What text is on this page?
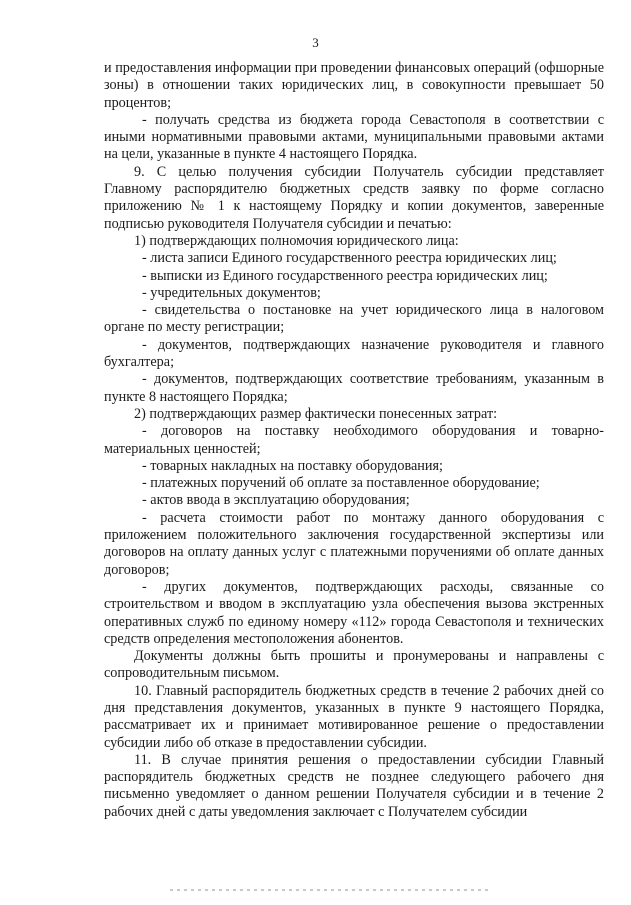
3

и предоставления информации при проведении финансовых операций (офшорные зоны) в отношении таких юридических лиц, в совокупности превышает 50 процентов;

- получать средства из бюджета города Севастополя в соответствии с иными нормативными правовыми актами, муниципальными правовыми актами на цели, указанные в пункте 4 настоящего Порядка.

9. С целью получения субсидии Получатель субсидии представляет Главному распорядителю бюджетных средств заявку по форме согласно приложению № 1 к настоящему Порядку и копии документов, заверенные подписью руководителя Получателя субсидии и печатью:

1) подтверждающих полномочия юридического лица:

- листа записи Единого государственного реестра юридических лиц;

- выписки из Единого государственного реестра юридических лиц;

- учредительных документов;

- свидетельства о постановке на учет юридического лица в налоговом органе по месту регистрации;

- документов, подтверждающих назначение руководителя и главного бухгалтера;

- документов, подтверждающих соответствие требованиям, указанным в пункте 8 настоящего Порядка;

2) подтверждающих размер фактически понесенных затрат:

- договоров на поставку необходимого оборудования и товарно-материальных ценностей;

- товарных накладных на поставку оборудования;

- платежных поручений об оплате за поставленное оборудование;

- актов ввода в эксплуатацию оборудования;

- расчета стоимости работ по монтажу данного оборудования с приложением положительного заключения государственной экспертизы или договоров на оплату данных услуг с платежными поручениями об оплате данных договоров;

- других документов, подтверждающих расходы, связанные со строительством и вводом в эксплуатацию узла обеспечения вызова экстренных оперативных служб по единому номеру «112» города Севастополя и технических средств определения местоположения абонентов.

Документы должны быть прошиты и пронумерованы и направлены с сопроводительным письмом.

10. Главный распорядитель бюджетных средств в течение 2 рабочих дней со дня представления документов, указанных в пункте 9 настоящего Порядка, рассматривает их и принимает мотивированное решение о предоставлении субсидии либо об отказе в предоставлении субсидии.

11. В случае принятия решения о предоставлении субсидии Главный распорядитель бюджетных средств не позднее следующего рабочего дня письменно уведомляет о данном решении Получателя субсидии и в течение 2 рабочих дней с даты уведомления заключает с Получателем субсидии
